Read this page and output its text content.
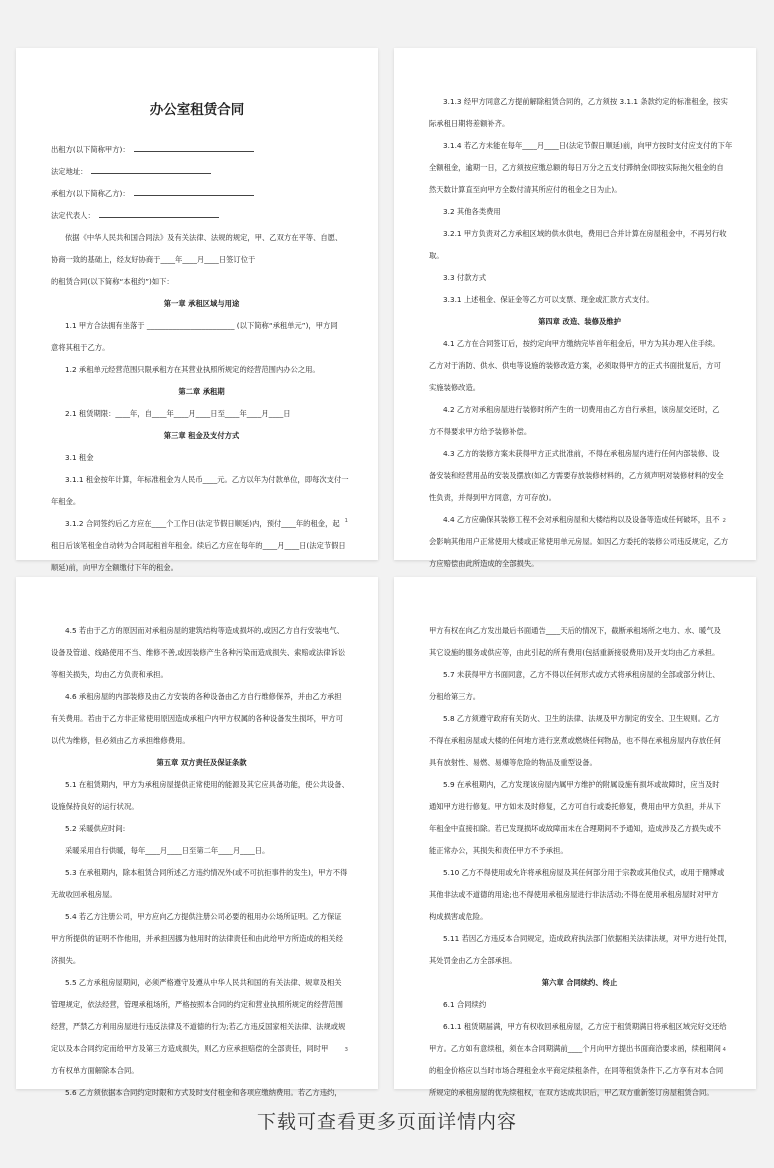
办公室租赁合同
出租方(以下简称甲方)：
法定地址：
承租方(以下简称乙方)：
法定代表人：
依据《中华人民共和国合同法》及有关法律、法规的规定，甲、乙双方在平等、自愿、
协商一致的基础上，经友好协商于____年____月____日签订位于
的租赁合同(以下简称“本租约”)如下：
第一章 承租区域与用途
1.1 甲方合法拥有坐落于 ________________________ (以下简称“承租单元”)，甲方同
意将其租于乙方。
1.2 承租单元经营范围只限承租方在其营业执照所规定的经营范围内办公之用。
第二章 承租期
2.1 租赁期限：____年，自____年____月____日至____年____月____日
第三章 租金及支付方式
3.1 租金
3.1.1 租金按年计算，年标准租金为人民币____元。乙方以年为付款单位，即每次支付一
年租金。
3.1.2 合同签约后乙方应在____个工作日(法定节假日顺延)内，预付____年的租金，起
租日后该笔租金自动转为合同起租首年租金。续后乙方应在每年的____月____日(法定节假日
顺延)前，向甲方全额缴付下年的租金。
1
3.1.3 经甲方同意乙方提前解除租赁合同的，乙方须按 3.1.1 条款约定的标准租金，按实
际承租日期将差额补齐。
3.1.4 若乙方未能在每年____月____日(法定节假日顺延)前，向甲方按时支付应支付的下年
全额租金，逾期一日，乙方须按应缴总额的每日万分之五支付滞纳金(即按实际拖欠租金的自
然天数计算直至向甲方全数付清其所应付的租金之日为止)。
3.2 其他各类费用
3.2.1 甲方负责对乙方承租区域的供水供电，费用已合并计算在房屋租金中，不再另行收
取。
3.3 付款方式
3.3.1 上述租金、保证金等乙方可以支票、现金或汇款方式支付。
第四章 改造、装修及维护
4.1 乙方在合同签订后，按约定向甲方缴纳完毕首年租金后，甲方为其办理入住手续。
乙方对于消防、供水、供电等设施的装修改造方案，必须取得甲方的正式书面批复后，方可
实施装修改造。
4.2 乙方对承租房屋进行装修时所产生的一切费用由乙方自行承担，该房屋交还时，乙
方不得要求甲方给予装修补偿。
4.3 乙方的装修方案未获得甲方正式批准前，不得在承租房屋内进行任何内部装修、设
备安装和经营用品的安装及摆放(如乙方需要存放装修材料的，乙方须声明对装修材料的安全
性负责，并得到甲方同意，方可存放)。
4.4 乙方应确保其装修工程不会对承租房屋和大楼结构以及设备等造成任何破坏，且不
会影响其他用户正常使用大楼或正常使用单元房屋。如因乙方委托的装修公司违反规定，乙方
方应赔偿由此所造成的全部损失。
2
4.5 若由于乙方的原因而对承租房屋的建筑结构等造成损坏的,或因乙方自行安装电气、
设备及管道、线路使用不当、维修不善,或因装修产生各种污染而造成损失、索赔或法律诉讼
等相关损失，均由乙方负责和承担。
4.6 承租房屋的内部装修及由乙方安装的各种设备由乙方自行维修保养，并由乙方承担
有关费用。若由于乙方非正常使用原因造成承租户内甲方权属的各种设备发生损坏，甲方可
以代为维修，但必须由乙方承担维修费用。
第五章 双方责任及保证条款
5.1 在租赁期内，甲方为承租房屋提供正常使用的能源及其它应具备功能，使公共设备、
设施保持良好的运行状况。
5.2 采暖供应时间:
采暖采用自行供暖，每年____月____日至第二年____月____日。
5.3 在承租期内，除本租赁合同所述乙方违约情况外(或不可抗拒事件的发生)，甲方不得
无故收回承租房屋。
5.4 若乙方注册公司，甲方应向乙方提供注册公司必要的租用办公场所证明。乙方保证
甲方所提供的证明不作他用，并承担因挪为他用时的法律责任和由此给甲方所造成的相关经
济损失。
5.5 乙方承租房屋期间，必须严格遵守及遵从中华人民共和国的有关法律、规章及相关
管理规定，依法经营，管理承租场所，严格按照本合同的约定和营业执照所规定的经营范围
经营，严禁乙方利用房屋进行违反法律及不道德的行为;若乙方违反国家相关法律、法规或规
定以及本合同约定而给甲方及第三方造成损失，则乙方应承担赔偿的全部责任，同时甲
方有权单方面解除本合同。
5.6 乙方须依据本合同约定时限和方式及时支付租金和各项应缴纳费用。若乙方违约，
3
甲方有权在向乙方发出最后书面通告____天后的情况下，截断承租场所之电力、水、暖气及
其它设施的服务或供应等，由此引起的所有费用(包括重新接驳费用)及开支均由乙方承担。
5.7 未获得甲方书面同意，乙方不得以任何形式或方式将承租房屋的全部或部分转让、
分租给第三方。
5.8 乙方须遵守政府有关防火、卫生的法律、法规及甲方制定的安全、卫生规则。乙方
不得在承租房屋或大楼的任何地方进行烹煮或燃烧任何物品，也不得在承租房屋内存放任何
具有放射性、易燃、易爆等危险的物品及重型设备。
5.9 在承租期内，乙方发现该房屋内属甲方维护的附属设施有损坏或故障时，应当及时
通知甲方进行修复。甲方如未及时修复，乙方可自行或委托修复，费用由甲方负担，并从下
年租金中直接扣除。若已发现损坏或故障而未在合理期间不予通知，造成涉及乙方损失或不
能正常办公，其损失和责任甲方不予承担。
5.10 乙方不得使用或允许将承租房屋及其任何部分用于宗教或其他仪式，或用于赌博或
其他非法或不道德的用途;也不得使用承租房屋进行非法活动;不得在使用承租房屋时对甲方
构成损害或危险。
5.11 若因乙方违反本合同规定，造成政府执法部门依据相关法律法规，对甲方进行处罚，
其处罚金由乙方全部承担。
第六章 合同续约、终止
6.1 合同续约
6.1.1 租赁期届满，甲方有权收回承租房屋，乙方应于租赁期满日将承租区域完好交还给
甲方。乙方如有意续租，须在本合同期满前____个月向甲方提出书面商洽要求函，续租期间
的租金价格应以当时市场合理租金水平商定续租条件，在同等租赁条件下,乙方享有对本合同
所规定的承租房屋的优先续租权，在双方达成共识后，甲乙双方重新签订房屋租赁合同。
4
下载可查看更多页面详情内容
